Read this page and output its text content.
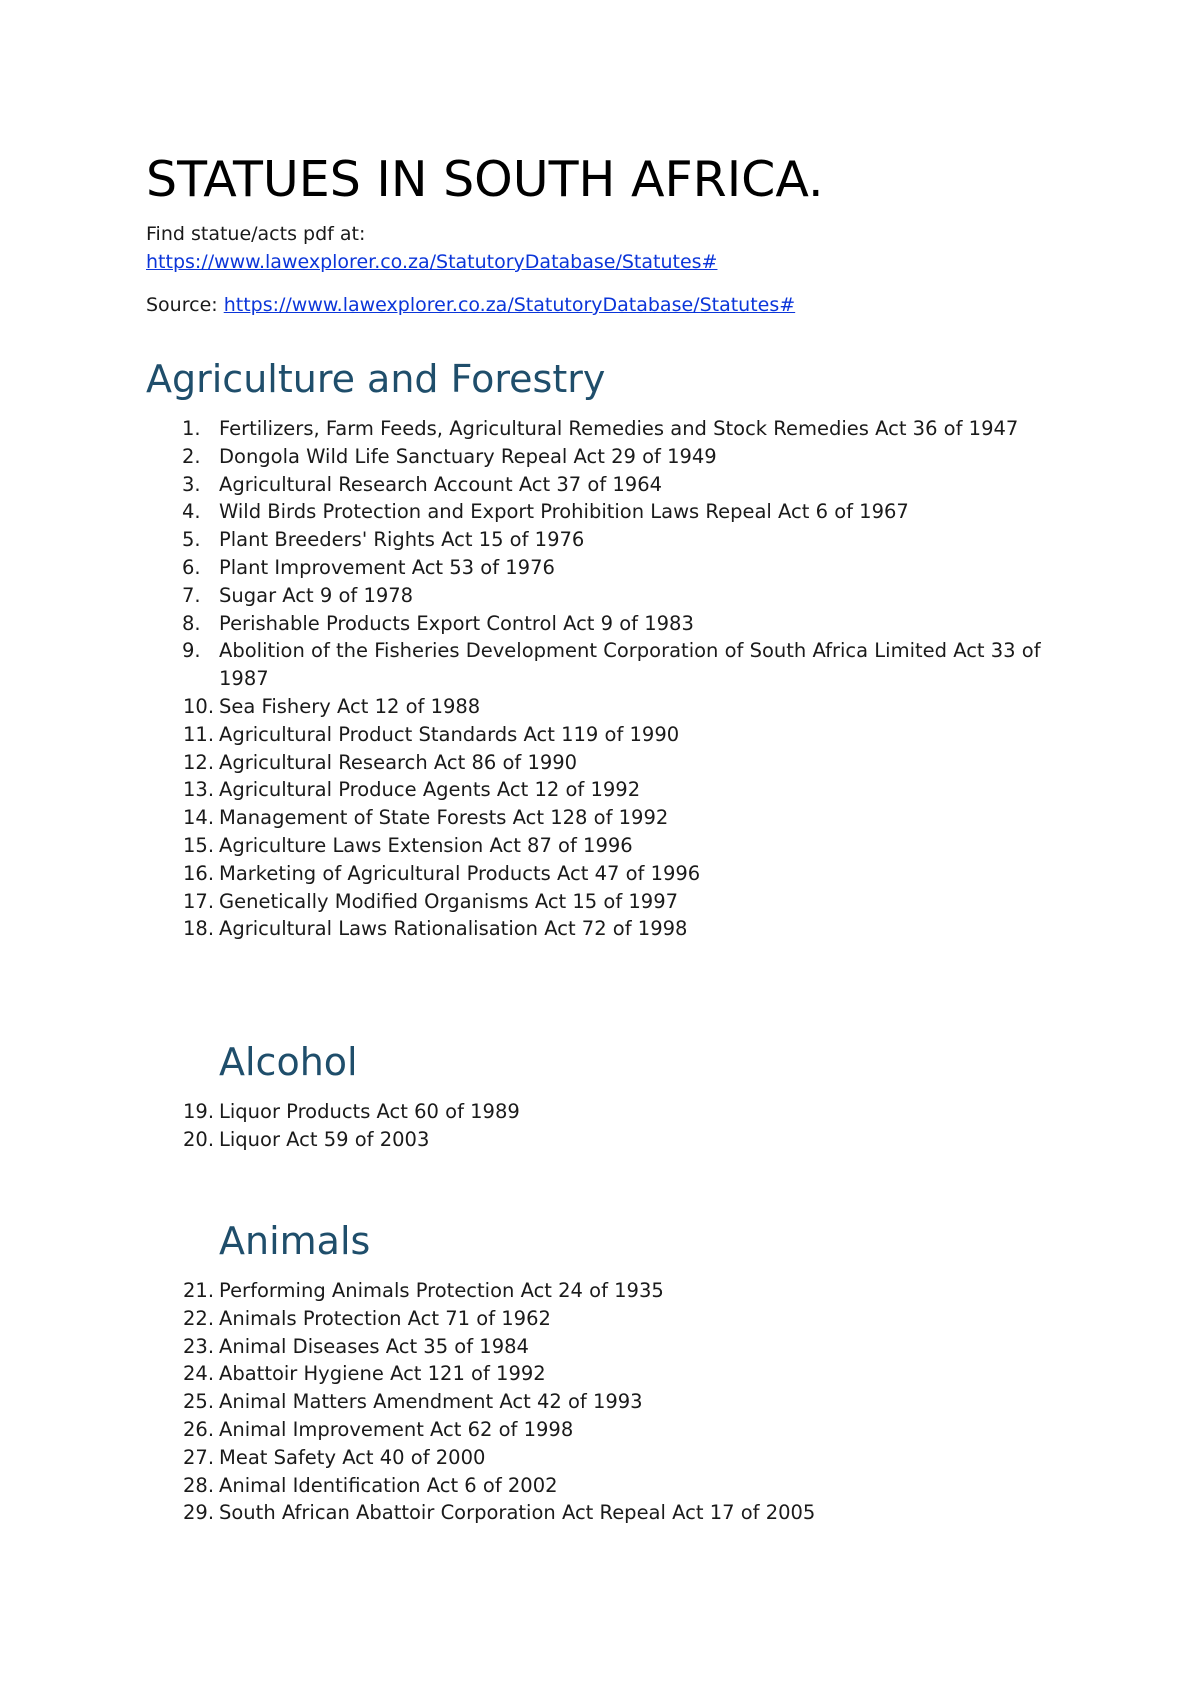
STATUES IN SOUTH AFRICA.
Find statue/acts pdf at:
https://www.lawexplorer.co.za/StatutoryDatabase/Statutes#
Source: https://www.lawexplorer.co.za/StatutoryDatabase/Statutes#
Agriculture and Forestry
1. Fertilizers, Farm Feeds, Agricultural Remedies and Stock Remedies Act 36 of 1947
2. Dongola Wild Life Sanctuary Repeal Act 29 of 1949
3. Agricultural Research Account Act 37 of 1964
4. Wild Birds Protection and Export Prohibition Laws Repeal Act 6 of 1967
5. Plant Breeders' Rights Act 15 of 1976
6. Plant Improvement Act 53 of 1976
7. Sugar Act 9 of 1978
8. Perishable Products Export Control Act 9 of 1983
9. Abolition of the Fisheries Development Corporation of South Africa Limited Act 33 of 1987
10. Sea Fishery Act 12 of 1988
11. Agricultural Product Standards Act 119 of 1990
12. Agricultural Research Act 86 of 1990
13. Agricultural Produce Agents Act 12 of 1992
14. Management of State Forests Act 128 of 1992
15. Agriculture Laws Extension Act 87 of 1996
16. Marketing of Agricultural Products Act 47 of 1996
17. Genetically Modified Organisms Act 15 of 1997
18. Agricultural Laws Rationalisation Act 72 of 1998
Alcohol
19. Liquor Products Act 60 of 1989
20. Liquor Act 59 of 2003
Animals
21. Performing Animals Protection Act 24 of 1935
22. Animals Protection Act 71 of 1962
23. Animal Diseases Act 35 of 1984
24. Abattoir Hygiene Act 121 of 1992
25. Animal Matters Amendment Act 42 of 1993
26. Animal Improvement Act 62 of 1998
27. Meat Safety Act 40 of 2000
28. Animal Identification Act 6 of 2002
29. South African Abattoir Corporation Act Repeal Act 17 of 2005
